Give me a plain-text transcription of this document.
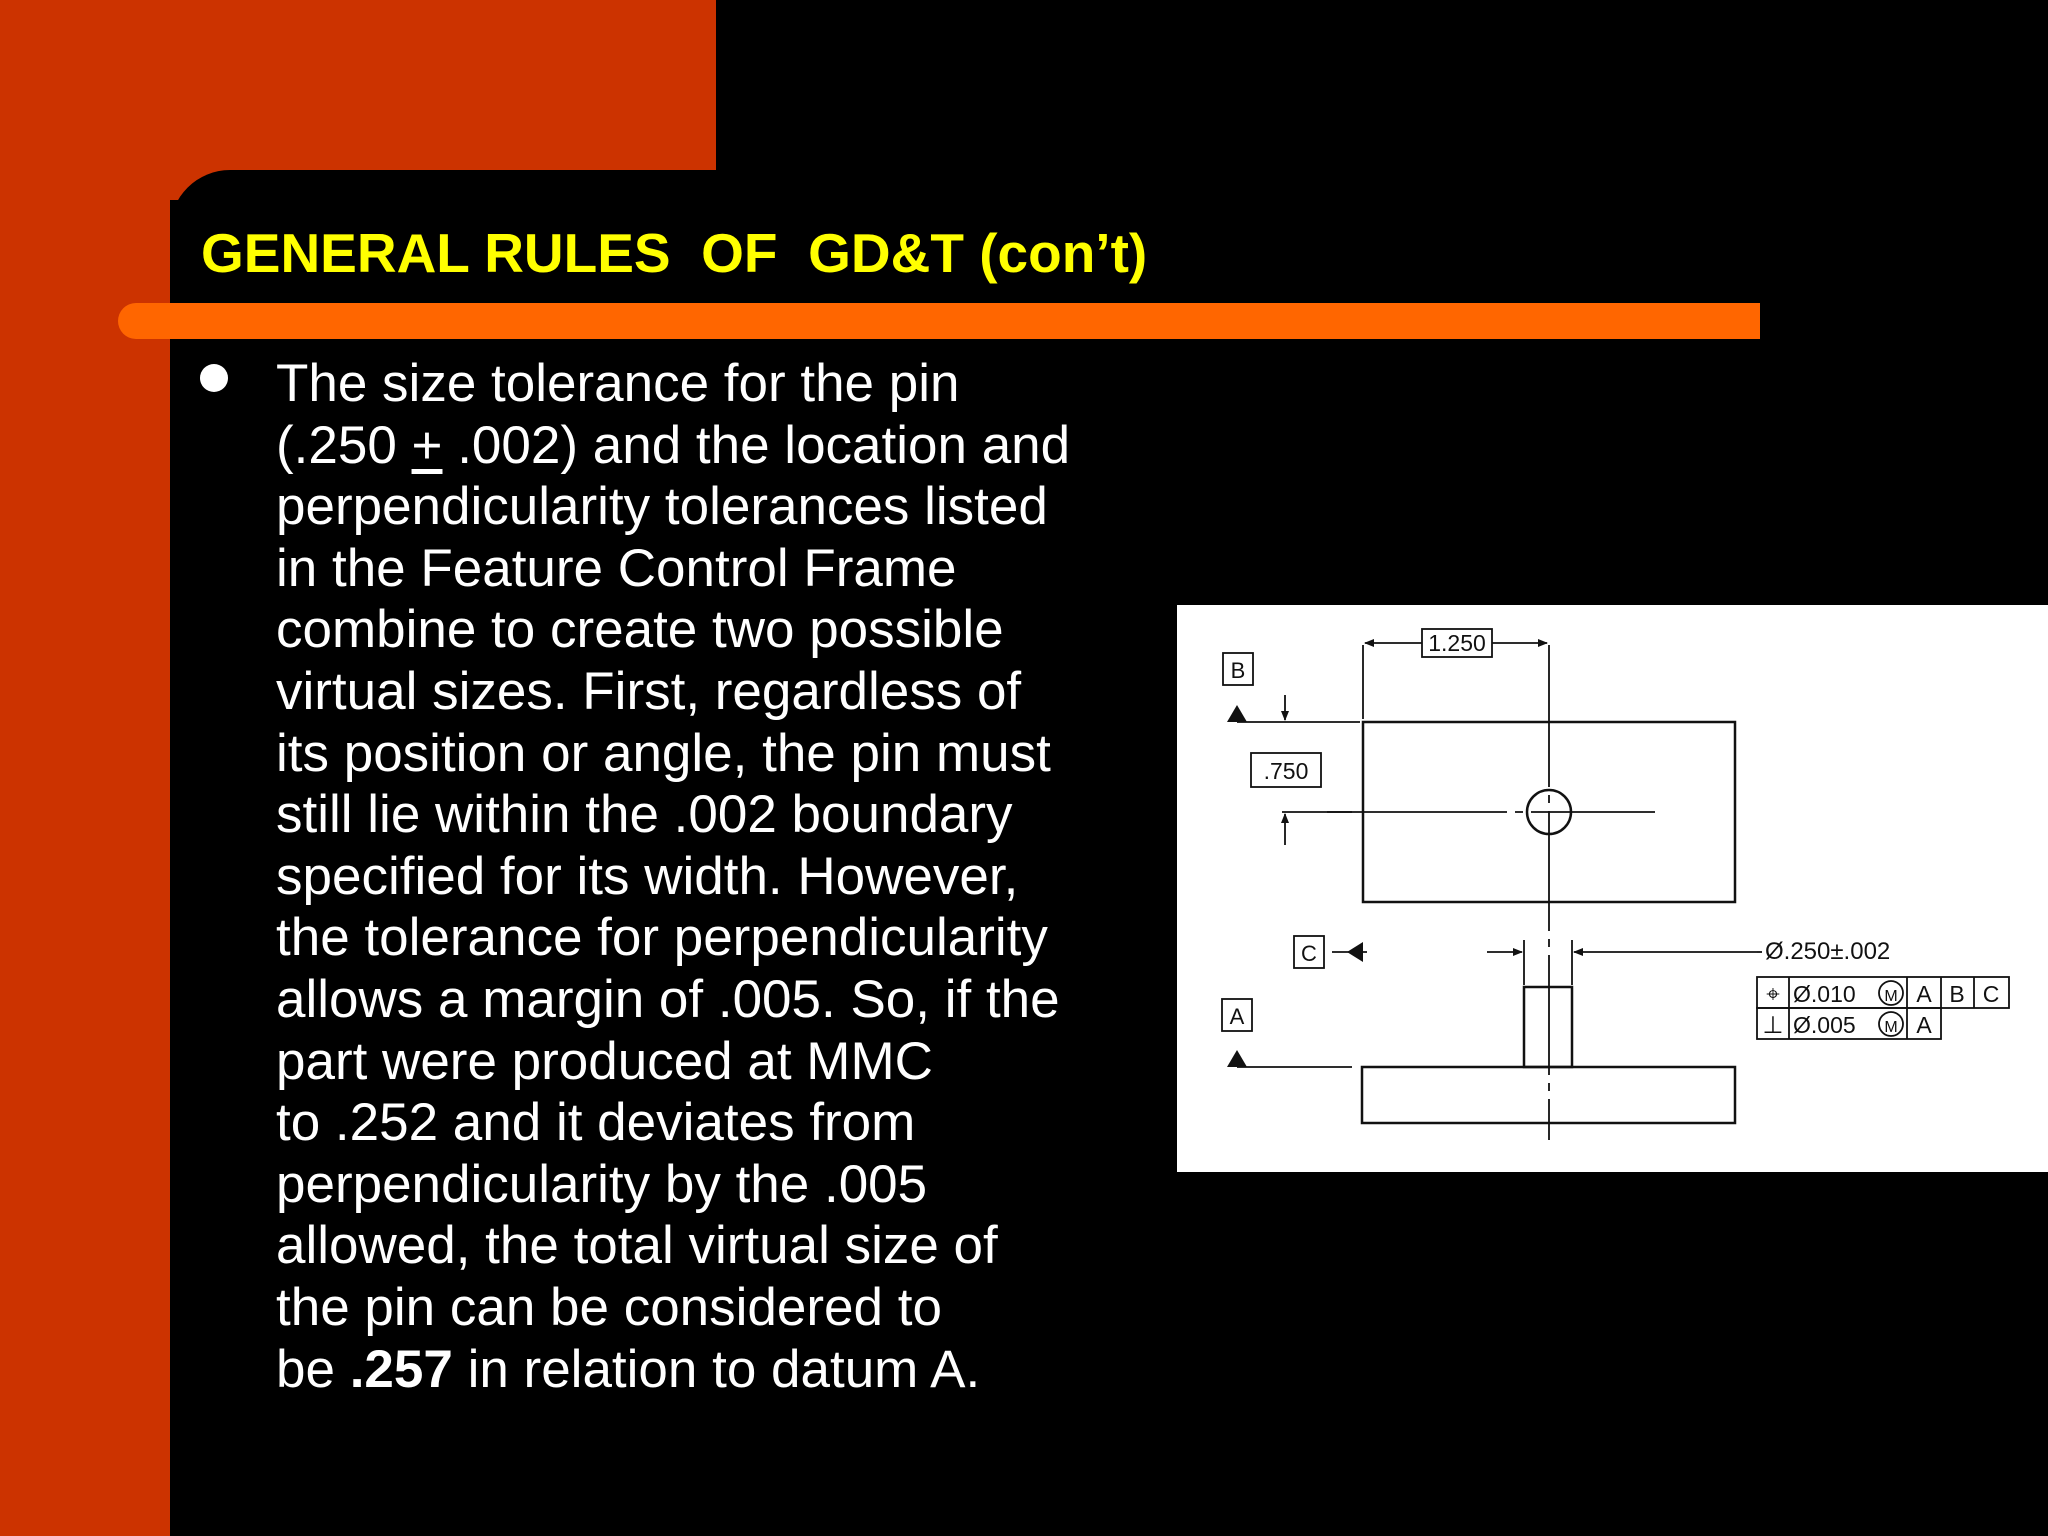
GENERAL RULES  OF  GD&T (con’t)

The size tolerance for the pin
(.250 + .002) and the location and
perpendicularity tolerances listed
in the Feature Control Frame
combine to create two possible
virtual sizes. First, regardless of
its position or angle, the pin must
still lie within the .002 boundary
specified for its width. However,
the tolerance for perpendicularity
allows a margin of .005. So, if the
part were produced at MMC
to .252 and it deviates from
perpendicularity by the .005
allowed, the total virtual size of
the pin can be considered to
be .257 in relation to datum A.

1.250
.750
B
C
A
Ø.250±.002
⌖ Ø.010 M A B C
⊥ Ø.005 M A
